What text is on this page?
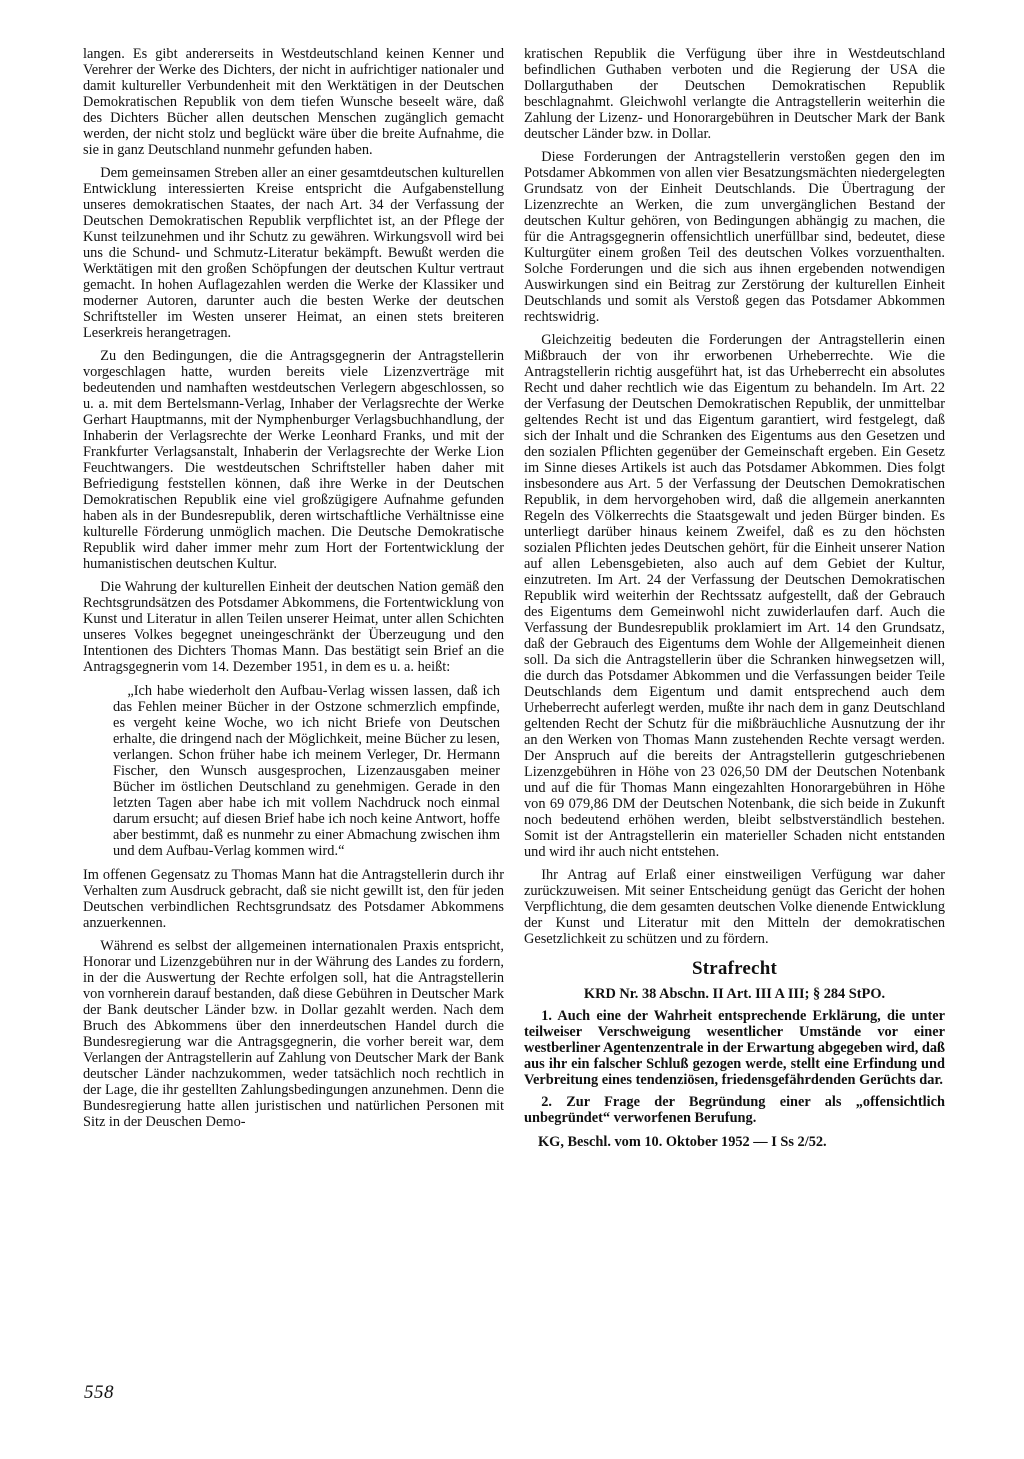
langen. Es gibt andererseits in Westdeutschland keinen Kenner und Verehrer der Werke des Dichters, der nicht in aufrichtiger nationaler und damit kultureller Verbundenheit mit den Werktätigen in der Deutschen Demokratischen Republik von dem tiefen Wunsche beseelt wäre, daß des Dichters Bücher allen deutschen Menschen zugänglich gemacht werden, der nicht stolz und beglückt wäre über die breite Aufnahme, die sie in ganz Deutschland nunmehr gefunden haben.

Dem gemeinsamen Streben aller an einer gesamtdeutschen kulturellen Entwicklung interessierten Kreise entspricht die Aufgabenstellung unseres demokratischen Staates, der nach Art. 34 der Verfassung der Deutschen Demokratischen Republik verpflichtet ist, an der Pflege der Kunst teilzunehmen und ihr Schutz zu gewähren. Wirkungsvoll wird bei uns die Schund- und Schmutz-Literatur bekämpft. Bewußt werden die Werktätigen mit den großen Schöpfungen der deutschen Kultur vertraut gemacht. In hohen Auflagezahlen werden die Werke der Klassiker und moderner Autoren, darunter auch die besten Werke der deutschen Schriftsteller im Westen unserer Heimat, an einen stets breiteren Leserkreis herangetragen.

Zu den Bedingungen, die die Antragsgegnerin der Antragstellerin vorgeschlagen hatte, wurden bereits viele Lizenzverträge mit bedeutenden und namhaften westdeutschen Verlegern abgeschlossen, so u. a. mit dem Bertelsmann-Verlag, Inhaber der Verlagsrechte der Werke Gerhart Hauptmanns, mit der Nymphenburger Verlagsbuchhandlung, der Inhaberin der Verlagsrechte der Werke Leonhard Franks, und mit der Frankfurter Verlagsanstalt, Inhaberin der Verlagsrechte der Werke Lion Feuchtwangers. Die westdeutschen Schriftsteller haben daher mit Befriedigung feststellen können, daß ihre Werke in der Deutschen Demokratischen Republik eine viel großzügigere Aufnahme gefunden haben als in der Bundesrepublik, deren wirtschaftliche Verhältnisse eine kulturelle Förderung unmöglich machen. Die Deutsche Demokratische Republik wird daher immer mehr zum Hort der Fortentwicklung der humanistischen deutschen Kultur.

Die Wahrung der kulturellen Einheit der deutschen Nation gemäß den Rechtsgrundsätzen des Potsdamer Abkommens, die Fortentwicklung von Kunst und Literatur in allen Teilen unserer Heimat, unter allen Schichten unseres Volkes begegnet uneingeschränkt der Überzeugung und den Intentionen des Dichters Thomas Mann. Das bestätigt sein Brief an die Antragsgegnerin vom 14. Dezember 1951, in dem es u. a. heißt:

„Ich habe wiederholt den Aufbau-Verlag wissen lassen, daß ich das Fehlen meiner Bücher in der Ostzone schmerzlich empfinde, es vergeht keine Woche, wo ich nicht Briefe von Deutschen erhalte, die dringend nach der Möglichkeit, meine Bücher zu lesen, verlangen. Schon früher habe ich meinem Verleger, Dr. Hermann Fischer, den Wunsch ausgesprochen, Lizenzausgaben meiner Bücher im östlichen Deutschland zu genehmigen. Gerade in den letzten Tagen aber habe ich mit vollem Nachdruck noch einmal darum ersucht; auf diesen Brief habe ich noch keine Antwort, hoffe aber bestimmt, daß es nunmehr zu einer Abmachung zwischen ihm und dem Aufbau-Verlag kommen wird.“

Im offenen Gegensatz zu Thomas Mann hat die Antragstellerin durch ihr Verhalten zum Ausdruck gebracht, daß sie nicht gewillt ist, den für jeden Deutschen verbindlichen Rechtsgrundsatz des Potsdamer Abkommens anzuerkennen.

Während es selbst der allgemeinen internationalen Praxis entspricht, Honorar und Lizenzgebühren nur in der Währung des Landes zu fordern, in der die Auswertung der Rechte erfolgen soll, hat die Antragstellerin von vornherein darauf bestanden, daß diese Gebühren in Deutscher Mark der Bank deutscher Länder bzw. in Dollar gezahlt werden. Nach dem Bruch des Abkommens über den innerdeutschen Handel durch die Bundesregierung war die Antragsgegnerin, die vorher bereit war, dem Verlangen der Antragstellerin auf Zahlung von Deutscher Mark der Bank deutscher Länder nachzukommen, weder tatsächlich noch rechtlich in der Lage, die ihr gestellten Zahlungsbedingungen anzunehmen. Denn die Bundesregierung hatte allen juristischen und natürlichen Personen mit Sitz in der Deuschen Demo-

kratischen Republik die Verfügung über ihre in Westdeutschland befindlichen Guthaben verboten und die Regierung der USA die Dollarguthaben der Deutschen Demokratischen Republik beschlagnahmt. Gleichwohl verlangte die Antragstellerin weiterhin die Zahlung der Lizenz- und Honorargebühren in Deutscher Mark der Bank deutscher Länder bzw. in Dollar.

Diese Forderungen der Antragstellerin verstoßen gegen den im Potsdamer Abkommen von allen vier Besatzungsmächten niedergelegten Grundsatz von der Einheit Deutschlands. Die Übertragung der Lizenzrechte an Werken, die zum unvergänglichen Bestand der deutschen Kultur gehören, von Bedingungen abhängig zu machen, die für die Antragsgegnerin offensichtlich unerfüllbar sind, bedeutet, diese Kulturgüter einem großen Teil des deutschen Volkes vorzuenthalten. Solche Forderungen und die sich aus ihnen ergebenden notwendigen Auswirkungen sind ein Beitrag zur Zerstörung der kulturellen Einheit Deutschlands und somit als Verstoß gegen das Potsdamer Abkommen rechtswidrig.

Gleichzeitig bedeuten die Forderungen der Antragstellerin einen Mißbrauch der von ihr erworbenen Urheberrechte. Wie die Antragstellerin richtig ausgeführt hat, ist das Urheberrecht ein absolutes Recht und daher rechtlich wie das Eigentum zu behandeln. Im Art. 22 der Verfasung der Deutschen Demokratischen Republik, der unmittelbar geltendes Recht ist und das Eigentum garantiert, wird festgelegt, daß sich der Inhalt und die Schranken des Eigentums aus den Gesetzen und den sozialen Pflichten gegenüber der Gemeinschaft ergeben. Ein Gesetz im Sinne dieses Artikels ist auch das Potsdamer Abkommen. Dies folgt insbesondere aus Art. 5 der Verfassung der Deutschen Demokratischen Republik, in dem hervorgehoben wird, daß die allgemein anerkannten Regeln des Völkerrechts die Staatsgewalt und jeden Bürger binden. Es unterliegt darüber hinaus keinem Zweifel, daß es zu den höchsten sozialen Pflichten jedes Deutschen gehört, für die Einheit unserer Nation auf allen Lebensgebieten, also auch auf dem Gebiet der Kultur, einzutreten. Im Art. 24 der Verfassung der Deutschen Demokratischen Republik wird weiterhin der Rechtssatz aufgestellt, daß der Gebrauch des Eigentums dem Gemeinwohl nicht zuwiderlaufen darf. Auch die Verfassung der Bundesrepublik proklamiert im Art. 14 den Grundsatz, daß der Gebrauch des Eigentums dem Wohle der Allgemeinheit dienen soll. Da sich die Antragstellerin über die Schranken hinwegsetzen will, die durch das Potsdamer Abkommen und die Verfassungen beider Teile Deutschlands dem Eigentum und damit entsprechend auch dem Urheberrecht auferlegt werden, mußte ihr nach dem in ganz Deutschland geltenden Recht der Schutz für die mißbräuchliche Ausnutzung der ihr an den Werken von Thomas Mann zustehenden Rechte versagt werden. Der Anspruch auf die bereits der Antragstellerin gutgeschriebenen Lizenzgebühren in Höhe von 23 026,50 DM der Deutschen Notenbank und auf die für Thomas Mann eingezahlten Honorargebühren in Höhe von 69 079,86 DM der Deutschen Notenbank, die sich beide in Zukunft noch bedeutend erhöhen werden, bleibt selbstverständlich bestehen. Somit ist der Antragstellerin ein materieller Schaden nicht entstanden und wird ihr auch nicht entstehen.

Ihr Antrag auf Erlaß einer einstweiligen Verfügung war daher zurückzuweisen. Mit seiner Entscheidung genügt das Gericht der hohen Verpflichtung, die dem gesamten deutschen Volke dienende Entwicklung der Kunst und Literatur mit den Mitteln der demokratischen Gesetzlichkeit zu schützen und zu fördern.

Strafrecht

KRD Nr. 38 Abschn. II Art. III A III; § 284 StPO.

1. Auch eine der Wahrheit entsprechende Erklärung, die unter teilweiser Verschweigung wesentlicher Umstände vor einer westberliner Agentenzentrale in der Erwartung abgegeben wird, daß aus ihr ein falscher Schluß gezogen werde, stellt eine Erfindung und Verbreitung eines tendenziösen, friedensgefährdenden Gerüchts dar.

2. Zur Frage der Begründung einer als „offensichtlich unbegründet“ verworfenen Berufung.

KG, Beschl. vom 10. Oktober 1952 — I Ss 2/52.

558
